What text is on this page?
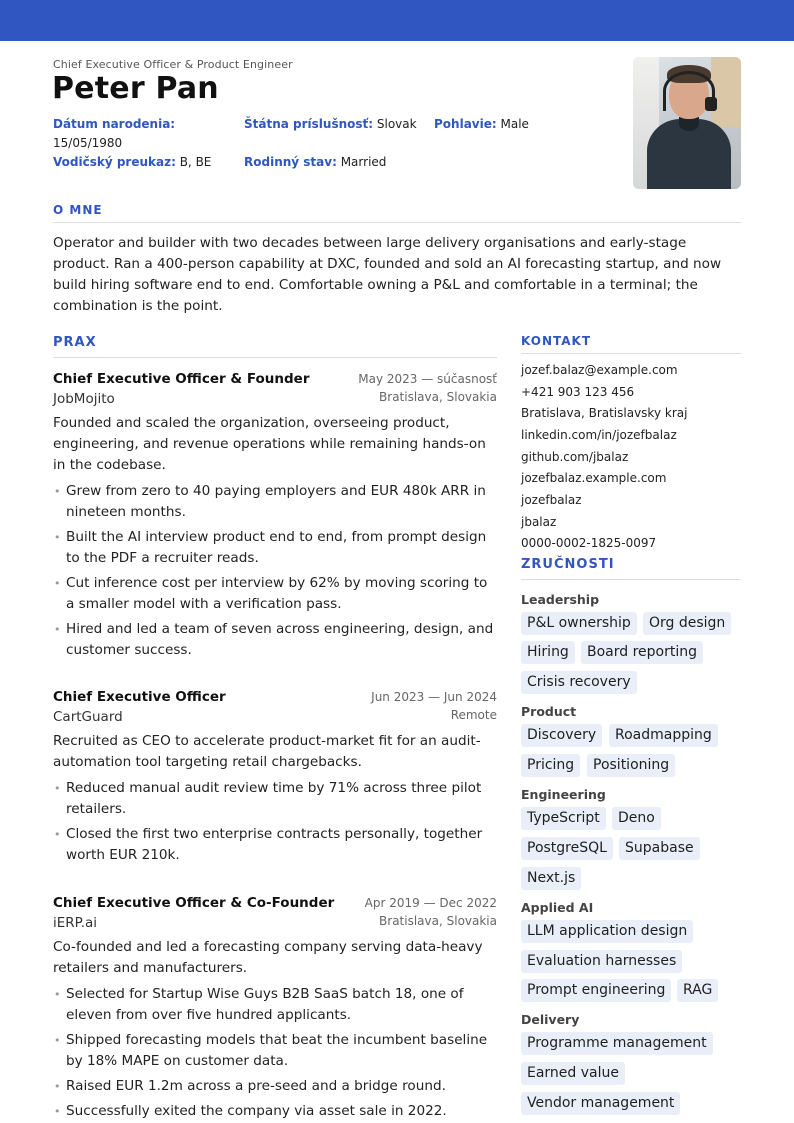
Chief Executive Officer & Product Engineer
Peter Pan
Dátum narodenia:
15/05/1980
Štátna príslušnosť: Slovak Pohlavie: Male
Vodičský preukaz: B, BE	Rodinný stav: Married
O MNE
Operator and builder with two decades between large delivery organisations and early-stage product. Ran a 400-person capability at DXC, founded and sold an AI forecasting startup, and now build hiring software end to end. Comfortable owning a P&L and comfortable in a terminal; the combination is the point.
PRAX
Chief Executive Officer & Founder	May 2023 — súčasnosť
JobMojito	Bratislava, Slovakia
Founded and scaled the organization, overseeing product, engineering, and revenue operations while remaining hands-on in the codebase.
• Grew from zero to 40 paying employers and EUR 480k ARR in nineteen months.
• Built the AI interview product end to end, from prompt design to the PDF a recruiter reads.
• Cut inference cost per interview by 62% by moving scoring to a smaller model with a verification pass.
• Hired and led a team of seven across engineering, design, and customer success.
Chief Executive Officer	Jun 2023 — Jun 2024
CartGuard	Remote
Recruited as CEO to accelerate product-market fit for an audit-automation tool targeting retail chargebacks.
• Reduced manual audit review time by 71% across three pilot retailers.
• Closed the first two enterprise contracts personally, together worth EUR 210k.
Chief Executive Officer & Co-Founder	Apr 2019 — Dec 2022
iERP.ai	Bratislava, Slovakia
Co-founded and led a forecasting company serving data-heavy retailers and manufacturers.
• Selected for Startup Wise Guys B2B SaaS batch 18, one of eleven from over five hundred applicants.
• Shipped forecasting models that beat the incumbent baseline by 18% MAPE on customer data.
• Raised EUR 1.2m across a pre-seed and a bridge round.
• Successfully exited the company via asset sale in 2022.
KONTAKT
jozef.balaz@example.com
+421 903 123 456
Bratislava, Bratislavsky kraj
linkedin.com/in/jozefbalaz
github.com/jbalaz
jozefbalaz.example.com
jozefbalaz
jbalaz
0000-0002-1825-0097
ZRUČNOSTI
Leadership
P&L ownership	Org design
Hiring	Board reporting
Crisis recovery
Product
Discovery	Roadmapping
Pricing	Positioning
Engineering
TypeScript	Deno
PostgreSQL	Supabase
Next.js
Applied AI
LLM application design
Evaluation harnesses
Prompt engineering	RAG
Delivery
Programme management
Earned value
Vendor management
